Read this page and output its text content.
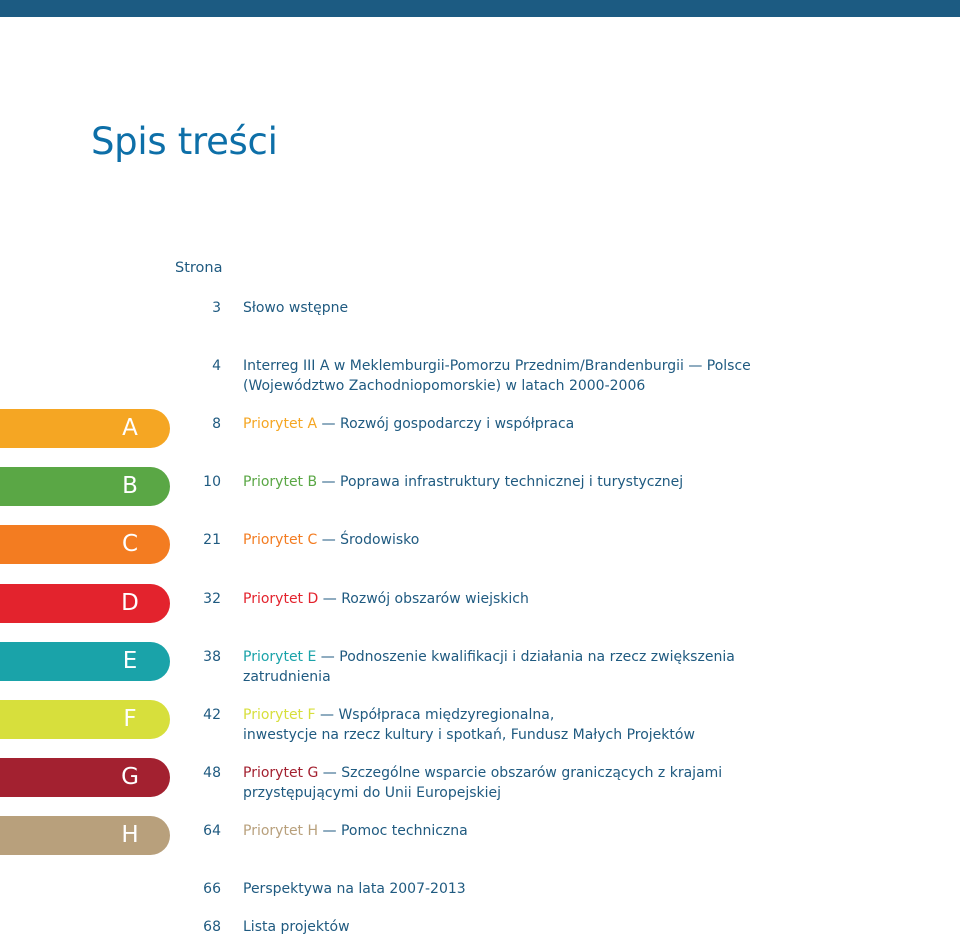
Spis treści
Strona
3 Słowo wstępne
4 Interreg III A w Meklemburgii-Pomorzu Przednim/Brandenburgii — Polsce
(Województwo Zachodniopomorskie) w latach 2000-2006
A
B
C
D
E
F
G
H
8 Priorytet A — Rozwój gospodarczy i współpraca
10 Priorytet B — Poprawa infrastruktury technicznej i turystycznej
21 Priorytet C — Środowisko
32 Priorytet D — Rozwój obszarów wiejskich
38 Priorytet E — Podnoszenie kwalifikacji i działania na rzecz zwiększenia
zatrudnienia
42 Priorytet F — Współpraca międzyregionalna,
inwestycje na rzecz kultury i spotkań, Fundusz Małych Projektów
48 Priorytet G — Szczególne wsparcie obszarów graniczących z krajami
przystępującymi do Unii Europejskiej
64 Priorytet H — Pomoc techniczna
66 Perspektywa na lata 2007-2013
68 Lista projektów
